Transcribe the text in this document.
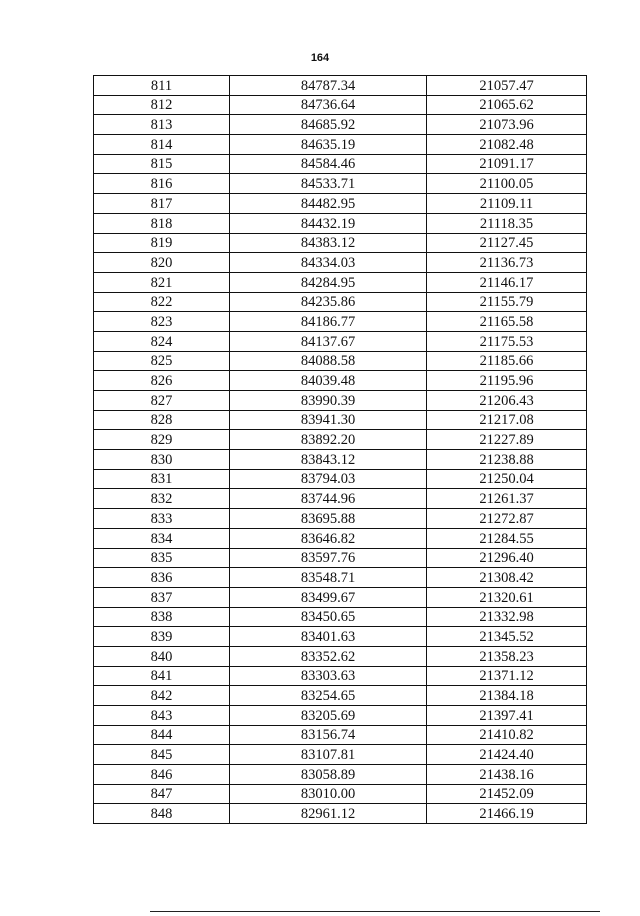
164
811	84787.34	21057.47
812	84736.64	21065.62
813	84685.92	21073.96
814	84635.19	21082.48
815	84584.46	21091.17
816	84533.71	21100.05
817	84482.95	21109.11
818	84432.19	21118.35
819	84383.12	21127.45
820	84334.03	21136.73
821	84284.95	21146.17
822	84235.86	21155.79
823	84186.77	21165.58
824	84137.67	21175.53
825	84088.58	21185.66
826	84039.48	21195.96
827	83990.39	21206.43
828	83941.30	21217.08
829	83892.20	21227.89
830	83843.12	21238.88
831	83794.03	21250.04
832	83744.96	21261.37
833	83695.88	21272.87
834	83646.82	21284.55
835	83597.76	21296.40
836	83548.71	21308.42
837	83499.67	21320.61
838	83450.65	21332.98
839	83401.63	21345.52
840	83352.62	21358.23
841	83303.63	21371.12
842	83254.65	21384.18
843	83205.69	21397.41
844	83156.74	21410.82
845	83107.81	21424.40
846	83058.89	21438.16
847	83010.00	21452.09
848	82961.12	21466.19
